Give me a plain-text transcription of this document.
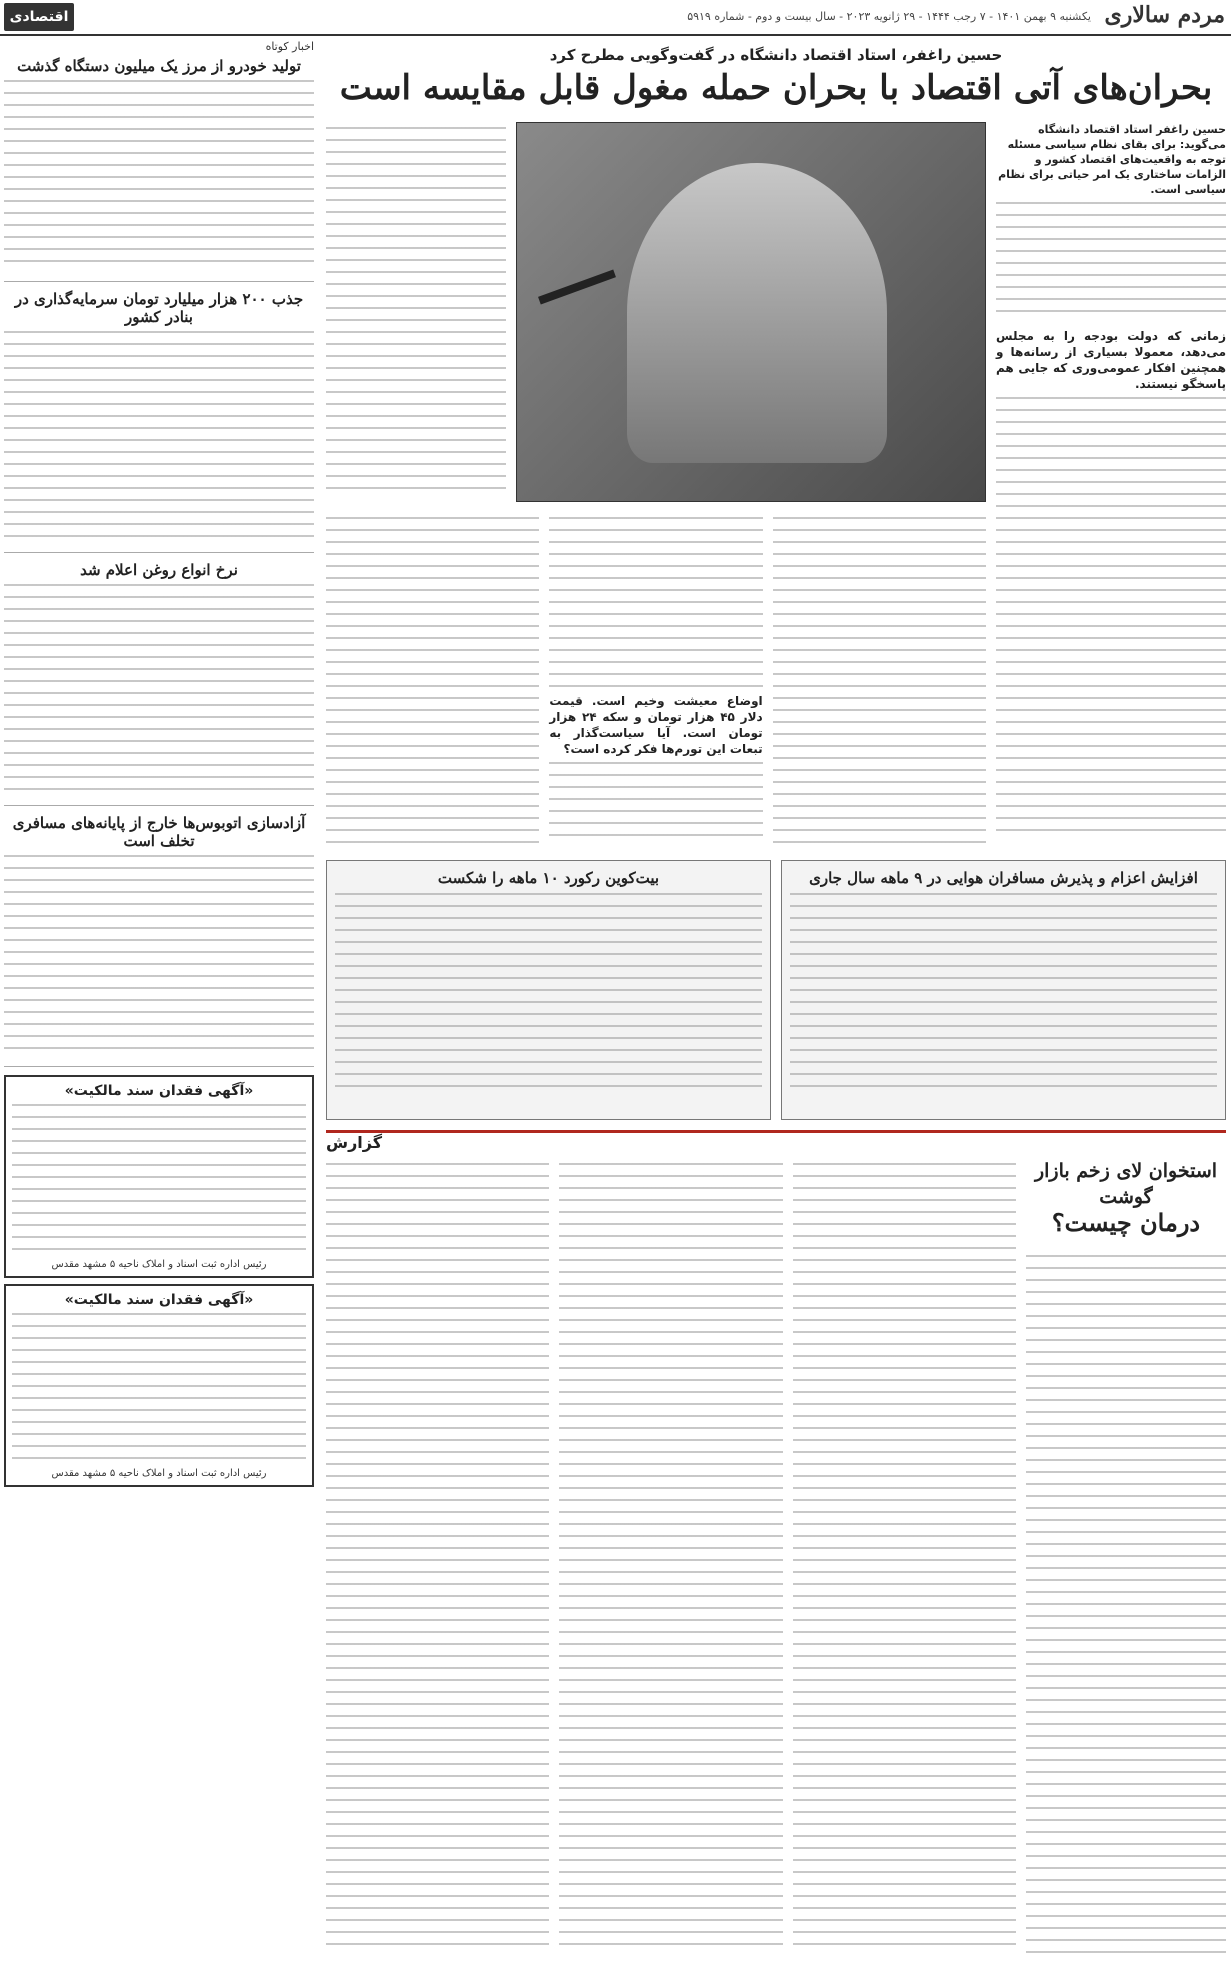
مردم سالاری
یکشنبه ۹ بهمن ۱۴۰۱ - ۷ رجب ۱۴۴۴ - ۲۹ ژانویه ۲۰۲۳ - سال بیست و دوم - شماره ۵۹۱۹
اقتصادی ۵	اخبار کوتاه
تولید خودرو از مرز یک میلیون دستگاه گذشت
جذب ۲۰۰ هزار میلیارد تومان سرمایه‌گذاری در بنادر کشور
نرخ انواع روغن اعلام شد
آزادسازی اتوبوس‌ها خارج از پایانه‌های مسافری تخلف است
«آگهی فقدان سند مالکیت»
رئیس اداره ثبت اسناد و املاک ناحیه ۵ مشهد مقدس
«آگهی فقدان سند مالکیت»
رئیس اداره ثبت اسناد و املاک ناحیه ۵ مشهد مقدس
حسین راغفر، استاد اقتصاد دانشگاه در گفت‌وگویی مطرح کرد
بحران‌های آتی اقتصاد با بحران حمله مغول قابل مقایسه است
حسین راغفر استاد اقتصاد دانشگاه می‌گوید: برای بقای نظام سیاسی مسئله توجه به واقعیت‌های اقتصاد کشور و الزامات ساختاری یک امر حیاتی برای نظام سیاسی است.
زمانی که دولت بودجه را به مجلس می‌دهد، معمولا بسیاری از رسانه‌ها و همچنین افکار عمومی‌وری که جایی هم پاسخگو نیستند.
اوضاع معیشت وخیم است. قیمت دلار ۴۵ هزار تومان و سکه ۲۴ هزار تومان است. آیا سیاست‌گذار به تبعات این تورم‌ها فکر کرده است؟
افزایش اعزام و پذیرش مسافران هوایی در ۹ ماهه سال جاری
بیت‌کوین رکورد ۱۰ ماهه را شکست
گزارش
استخوان لای زخم بازار گوشت
درمان چیست؟
